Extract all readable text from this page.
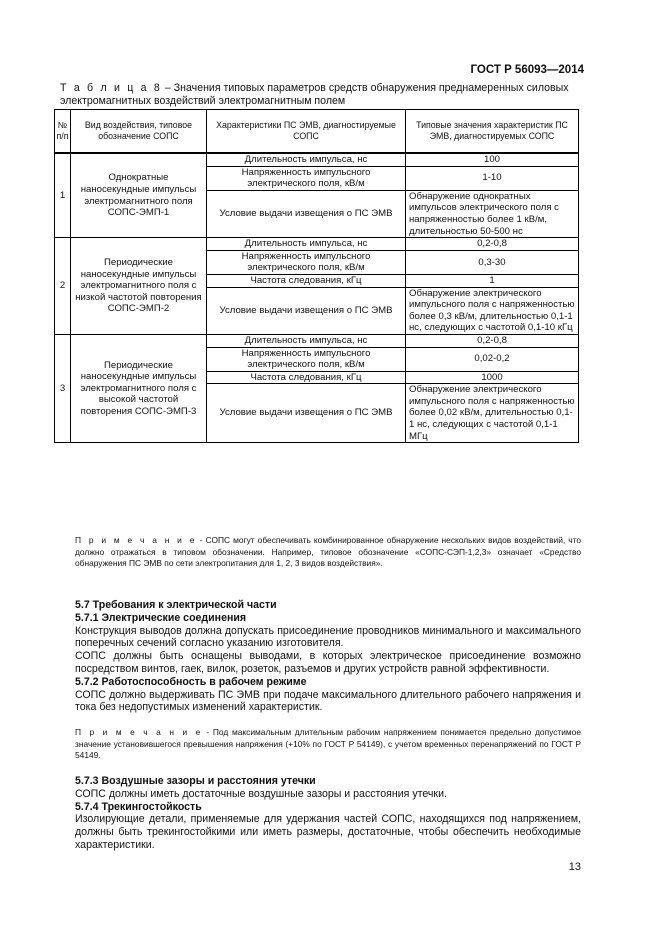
ГОСТ Р 56093—2014

Т а б л и ц а 8 – Значения типовых параметров средств обнаружения преднамеренных силовых электромагнитных воздействий электромагнитным полем

№ п/п	Вид воздействия, типовое обозначение СОПС	Характеристики ПС ЭМВ, диагностируемые СОПС	Типовые значения характеристик ПС ЭМВ, диагностируемых СОПС
1	Однократные наносекундные импульсы электромагнитного поля СОПС-ЭМП-1	Длительность импульса, нс	100
		Напряженность импульсного электрического поля, кВ/м	1-10
		Условие выдачи извещения о ПС ЭМВ	Обнаружение однократных импульсов электрического поля с напряженностью более 1 кВ/м, длительностью 50-500 нс
2	Периодические наносекундные импульсы электромагнитного поля с низкой частотой повторения СОПС-ЭМП-2	Длительность импульса, нс	0,2-0,8
		Напряженность импульсного электрического поля, кВ/м	0,3-30
		Частота следования, кГц	1
		Условие выдачи извещения о ПС ЭМВ	Обнаружение электрического импульсного поля с напряженностью более 0,3 кВ/м, длительностью 0,1-1 нс, следующих с частотой 0,1-10 кГц
3	Периодические наносекундные импульсы электромагнитного поля с высокой частотой повторения СОПС-ЭМП-3	Длительность импульса, нс	0,2-0,8
		Напряженность импульсного электрического поля, кВ/м	0,02-0,2
		Частота следования, кГц	1000
		Условие выдачи извещения о ПС ЭМВ	Обнаружение электрического импульсного поля с напряженностью более 0,02 кВ/м, длительностью 0,1-1 нс, следующих с частотой 0,1-1 МГц

П р и м е ч а н и е - СОПС могут обеспечивать комбинированное обнаружение нескольких видов воздействий, что должно отражаться в типовом обозначении. Например, типовое обозначение «СОПС-СЭП-1,2,3» означает «Средство обнаружения ПС ЭМВ по сети электропитания для 1, 2, 3 видов воздействия».

5.7 Требования к электрической части
5.7.1 Электрические соединения
Конструкция выводов должна допускать присоединение проводников минимального и максимального поперечных сечений согласно указанию изготовителя.
СОПС должны быть оснащены выводами, в которых электрическое присоединение возможно посредством винтов, гаек, вилок, розеток, разъемов и других устройств равной эффективности.
5.7.2 Работоспособность в рабочем режиме
СОПС должно выдерживать ПС ЭМВ при подаче максимального длительного рабочего напряжения и тока без недопустимых изменений характеристик.

П р и м е ч а н и е - Под максимальным длительным рабочим напряжением понимается предельно допустимое значение установившегося превышения напряжения (+10% по ГОСТ Р 54149), с учетом временных перенапряжений по ГОСТ Р 54149.

5.7.3 Воздушные зазоры и расстояния утечки
СОПС должны иметь достаточные воздушные зазоры и расстояния утечки.
5.7.4 Трекингостойкость
Изолирующие детали, применяемые для удержания частей СОПС, находящихся под напряжением, должны быть трекингостойкими или иметь размеры, достаточные, чтобы обеспечить необходимые характеристики.
13
